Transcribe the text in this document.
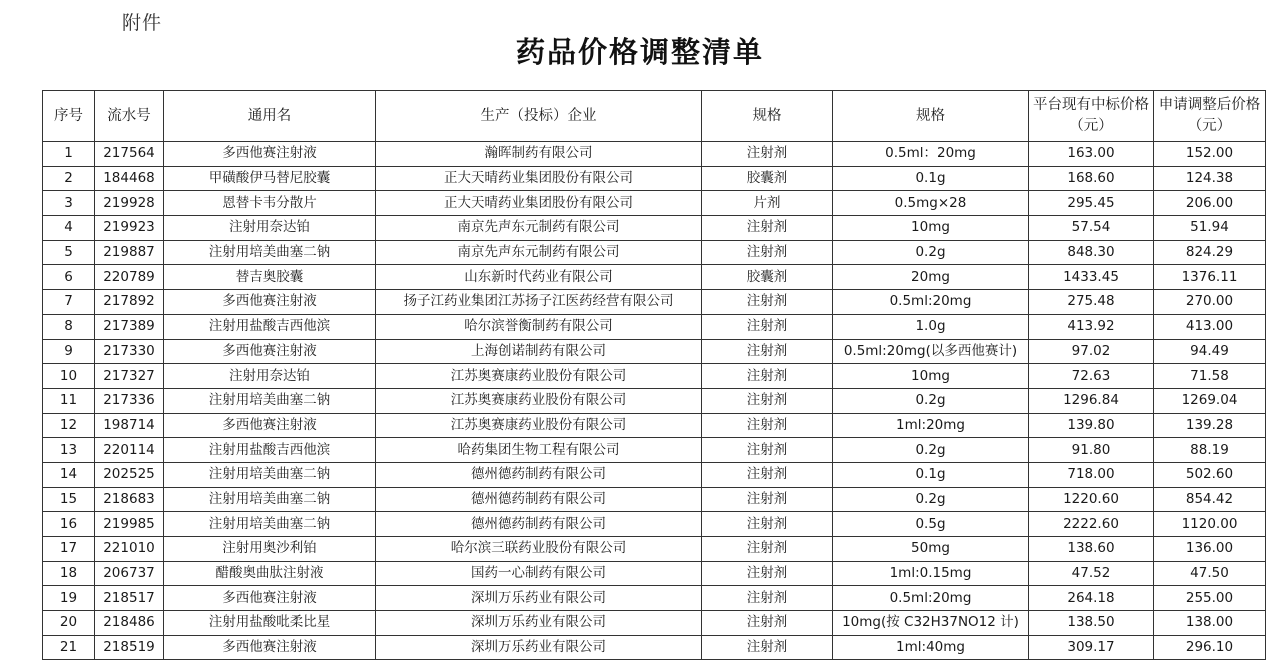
附件
药品价格调整清单
序号	流水号	通用名	生产（投标）企业	规格	规格	平台现有中标价格（元）	申请调整后价格（元）
1	217564	多西他赛注射液	瀚晖制药有限公司	注射剂	0.5ml：20mg	163.00	152.00
2	184468	甲磺酸伊马替尼胶囊	正大天晴药业集团股份有限公司	胶囊剂	0.1g	168.60	124.38
3	219928	恩替卡韦分散片	正大天晴药业集团股份有限公司	片剂	0.5mg×28	295.45	206.00
4	219923	注射用奈达铂	南京先声东元制药有限公司	注射剂	10mg	57.54	51.94
5	219887	注射用培美曲塞二钠	南京先声东元制药有限公司	注射剂	0.2g	848.30	824.29
6	220789	替吉奥胶囊	山东新时代药业有限公司	胶囊剂	20mg	1433.45	1376.11
7	217892	多西他赛注射液	扬子江药业集团江苏扬子江医药经营有限公司	注射剂	0.5ml:20mg	275.48	270.00
8	217389	注射用盐酸吉西他滨	哈尔滨誉衡制药有限公司	注射剂	1.0g	413.92	413.00
9	217330	多西他赛注射液	上海创诺制药有限公司	注射剂	0.5ml:20mg(以多西他赛计)	97.02	94.49
10	217327	注射用奈达铂	江苏奥赛康药业股份有限公司	注射剂	10mg	72.63	71.58
11	217336	注射用培美曲塞二钠	江苏奥赛康药业股份有限公司	注射剂	0.2g	1296.84	1269.04
12	198714	多西他赛注射液	江苏奥赛康药业股份有限公司	注射剂	1ml:20mg	139.80	139.28
13	220114	注射用盐酸吉西他滨	哈药集团生物工程有限公司	注射剂	0.2g	91.80	88.19
14	202525	注射用培美曲塞二钠	德州德药制药有限公司	注射剂	0.1g	718.00	502.60
15	218683	注射用培美曲塞二钠	德州德药制药有限公司	注射剂	0.2g	1220.60	854.42
16	219985	注射用培美曲塞二钠	德州德药制药有限公司	注射剂	0.5g	2222.60	1120.00
17	221010	注射用奥沙利铂	哈尔滨三联药业股份有限公司	注射剂	50mg	138.60	136.00
18	206737	醋酸奥曲肽注射液	国药一心制药有限公司	注射剂	1ml:0.15mg	47.52	47.50
19	218517	多西他赛注射液	深圳万乐药业有限公司	注射剂	0.5ml:20mg	264.18	255.00
20	218486	注射用盐酸吡柔比星	深圳万乐药业有限公司	注射剂	10mg(按 C32H37NO12 计)	138.50	138.00
21	218519	多西他赛注射液	深圳万乐药业有限公司	注射剂	1ml:40mg	309.17	296.10
